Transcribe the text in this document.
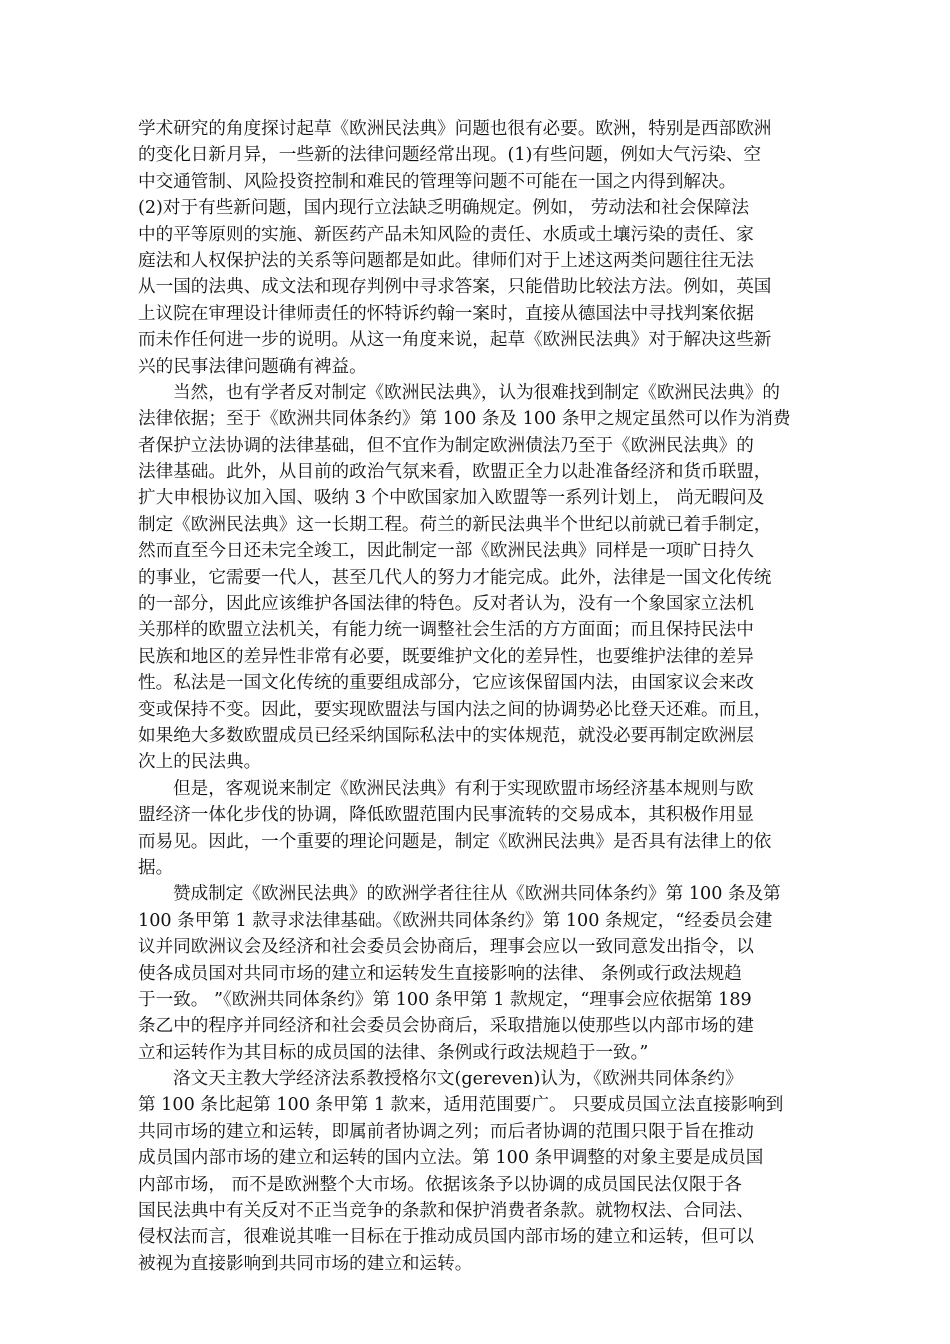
学术研究的角度探讨起草《欧洲民法典》问题也很有必要。欧洲，特别是西部欧洲
的变化日新月异，一些新的法律问题经常出现。(1)有些问题，例如大气污染、空
中交通管制、风险投资控制和难民的管理等问题不可能在一国之内得到解决。
(2)对于有些新问题，国内现行立法缺乏明确规定。例如， 劳动法和社会保障法
中的平等原则的实施、新医药产品未知风险的责任、水质或土壤污染的责任、家
庭法和人权保护法的关系等问题都是如此。律师们对于上述这两类问题往往无法
从一国的法典、成文法和现存判例中寻求答案，只能借助比较法方法。例如，英国
上议院在审理设计律师责任的怀特诉约翰一案时，直接从德国法中寻找判案依据
而未作任何进一步的说明。从这一角度来说，起草《欧洲民法典》对于解决这些新
兴的民事法律问题确有裨益。
当然，也有学者反对制定《欧洲民法典》，认为很难找到制定《欧洲民法典》的
法律依据；至于《欧洲共同体条约》第 100 条及 100 条甲之规定虽然可以作为消费
者保护立法协调的法律基础，但不宜作为制定欧洲债法乃至于《欧洲民法典》的
法律基础。此外，从目前的政治气氛来看，欧盟正全力以赴准备经济和货币联盟，
扩大申根协议加入国、吸纳 3 个中欧国家加入欧盟等一系列计划上， 尚无暇问及
制定《欧洲民法典》这一长期工程。荷兰的新民法典半个世纪以前就已着手制定，
然而直至今日还未完全竣工，因此制定一部《欧洲民法典》同样是一项旷日持久
的事业，它需要一代人，甚至几代人的努力才能完成。此外，法律是一国文化传统
的一部分，因此应该维护各国法律的特色。反对者认为，没有一个象国家立法机
关那样的欧盟立法机关，有能力统一调整社会生活的方方面面；而且保持民法中
民族和地区的差异性非常有必要，既要维护文化的差异性，也要维护法律的差异
性。私法是一国文化传统的重要组成部分，它应该保留国内法，由国家议会来改
变或保持不变。因此，要实现欧盟法与国内法之间的协调势必比登天还难。而且，
如果绝大多数欧盟成员已经采纳国际私法中的实体规范，就没必要再制定欧洲层
次上的民法典。
但是，客观说来制定《欧洲民法典》有利于实现欧盟市场经济基本规则与欧
盟经济一体化步伐的协调，降低欧盟范围内民事流转的交易成本，其积极作用显
而易见。因此，一个重要的理论问题是，制定《欧洲民法典》是否具有法律上的依
据。
赞成制定《欧洲民法典》的欧洲学者往往从《欧洲共同体条约》第 100 条及第
100 条甲第 1 款寻求法律基础。《欧洲共同体条约》第 100 条规定，“经委员会建
议并同欧洲议会及经济和社会委员会协商后，理事会应以一致同意发出指令，以
使各成员国对共同市场的建立和运转发生直接影响的法律、 条例或行政法规趋
于一致。 ”《欧洲共同体条约》第 100 条甲第 1 款规定，“理事会应依据第 189
条乙中的程序并同经济和社会委员会协商后，采取措施以使那些以内部市场的建
立和运转作为其目标的成员国的法律、条例或行政法规趋于一致。”
洛文天主教大学经济法系教授格尔文(gereven)认为，《欧洲共同体条约》
第 100 条比起第 100 条甲第 1 款来，适用范围要广。 只要成员国立法直接影响到
共同市场的建立和运转，即属前者协调之列；而后者协调的范围只限于旨在推动
成员国内部市场的建立和运转的国内立法。第 100 条甲调整的对象主要是成员国
内部市场， 而不是欧洲整个大市场。依据该条予以协调的成员国民法仅限于各
国民法典中有关反对不正当竞争的条款和保护消费者条款。就物权法、合同法、
侵权法而言，很难说其唯一目标在于推动成员国内部市场的建立和运转，但可以
被视为直接影响到共同市场的建立和运转。
